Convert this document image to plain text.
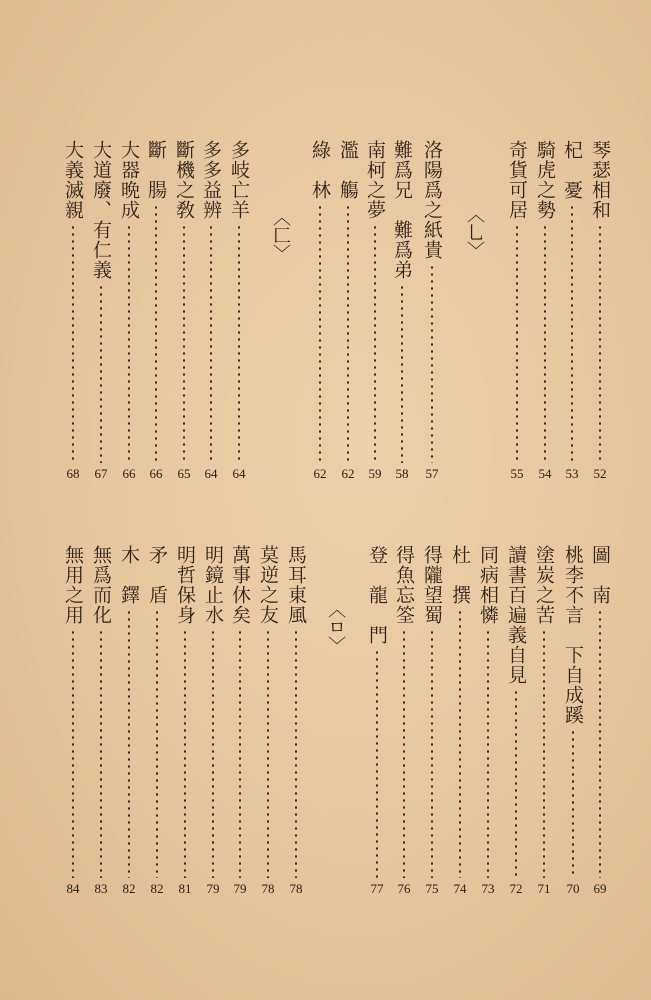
琴瑟相和
52
杞　憂
53
騎虎之勢
54
奇貨可居
55
〈乚〉
洛陽爲之紙貴
57
難爲兄　難爲弟
58
南柯之夢
59
濫　觴
62
綠　林
62
〈匚〉
多岐亡羊
64
多多益辨
64
斷機之敎
65
斷　腸
66
大器晩成
66
大道廢、有仁義
67
大義滅親
68
圖　南
69
桃李不言　下自成蹊
70
塗炭之苦
71
讀書百遍義自見
72
同病相憐
73
杜　撰
74
得隴望蜀
75
得魚忘筌
76
登　龍　門
77
〈ㅁ〉
馬耳東風
78
莫逆之友
78
萬事休矣
79
明鏡止水
79
明哲保身
81
矛　盾
82
木　鐸
82
無爲而化
83
無用之用
84
